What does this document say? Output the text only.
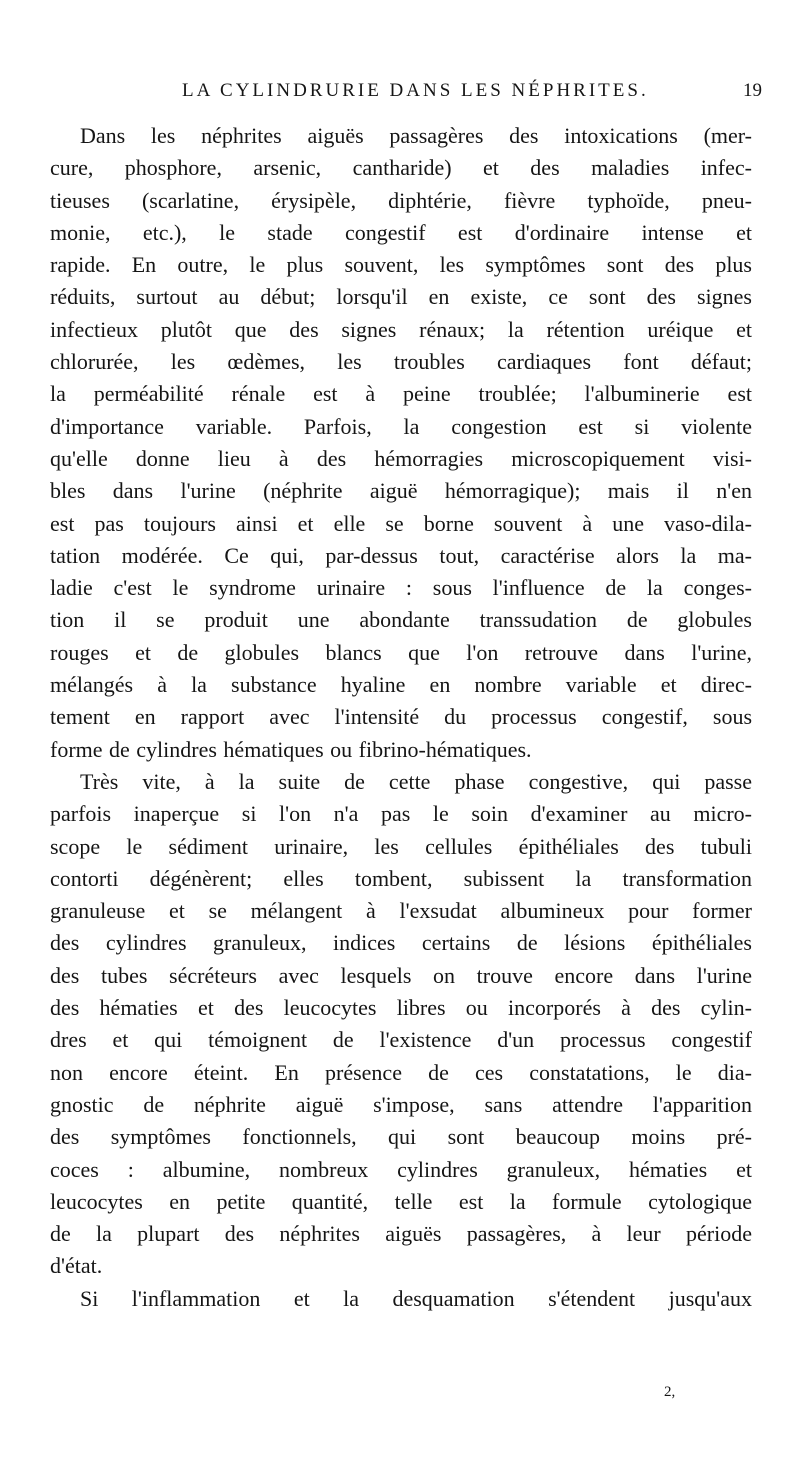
LA CYLINDRURIE DANS LES NÉPHRITES.	19
Dans les néphrites aiguës passagères des intoxications (mer-
cure, phosphore, arsenic, cantharide) et des maladies infec-
tieuses (scarlatine, érysipèle, diphtérie, fièvre typhoïde, pneu-
monie, etc.), le stade congestif est d'ordinaire intense et
rapide. En outre, le plus souvent, les symptômes sont des plus
réduits, surtout au début; lorsqu'il en existe, ce sont des signes
infectieux plutôt que des signes rénaux; la rétention uréique et
chlorurée, les œdèmes, les troubles cardiaques font défaut;
la perméabilité rénale est à peine troublée; l'albuminerie est
d'importance variable. Parfois, la congestion est si violente
qu'elle donne lieu à des hémorragies microscopiquement visi-
bles dans l'urine (néphrite aiguë hémorragique); mais il n'en
est pas toujours ainsi et elle se borne souvent à une vaso-dila-
tation modérée. Ce qui, par-dessus tout, caractérise alors la ma-
ladie c'est le syndrome urinaire : sous l'influence de la conges-
tion il se produit une abondante transsudation de globules
rouges et de globules blancs que l'on retrouve dans l'urine,
mélangés à la substance hyaline en nombre variable et direc-
tement en rapport avec l'intensité du processus congestif, sous
forme de cylindres hématiques ou fibrino-hématiques.
Très vite, à la suite de cette phase congestive, qui passe
parfois inaperçue si l'on n'a pas le soin d'examiner au micro-
scope le sédiment urinaire, les cellules épithéliales des tubuli
contorti dégénèrent; elles tombent, subissent la transformation
granuleuse et se mélangent à l'exsudat albumineux pour former
des cylindres granuleux, indices certains de lésions épithéliales
des tubes sécréteurs avec lesquels on trouve encore dans l'urine
des hématies et des leucocytes libres ou incorporés à des cylin-
dres et qui témoignent de l'existence d'un processus congestif
non encore éteint. En présence de ces constatations, le dia-
gnostic de néphrite aiguë s'impose, sans attendre l'apparition
des symptômes fonctionnels, qui sont beaucoup moins pré-
coces : albumine, nombreux cylindres granuleux, hématies et
leucocytes en petite quantité, telle est la formule cytologique
de la plupart des néphrites aiguës passagères, à leur période
d'état.
Si l'inflammation et la desquamation s'étendent jusqu'aux
2,
